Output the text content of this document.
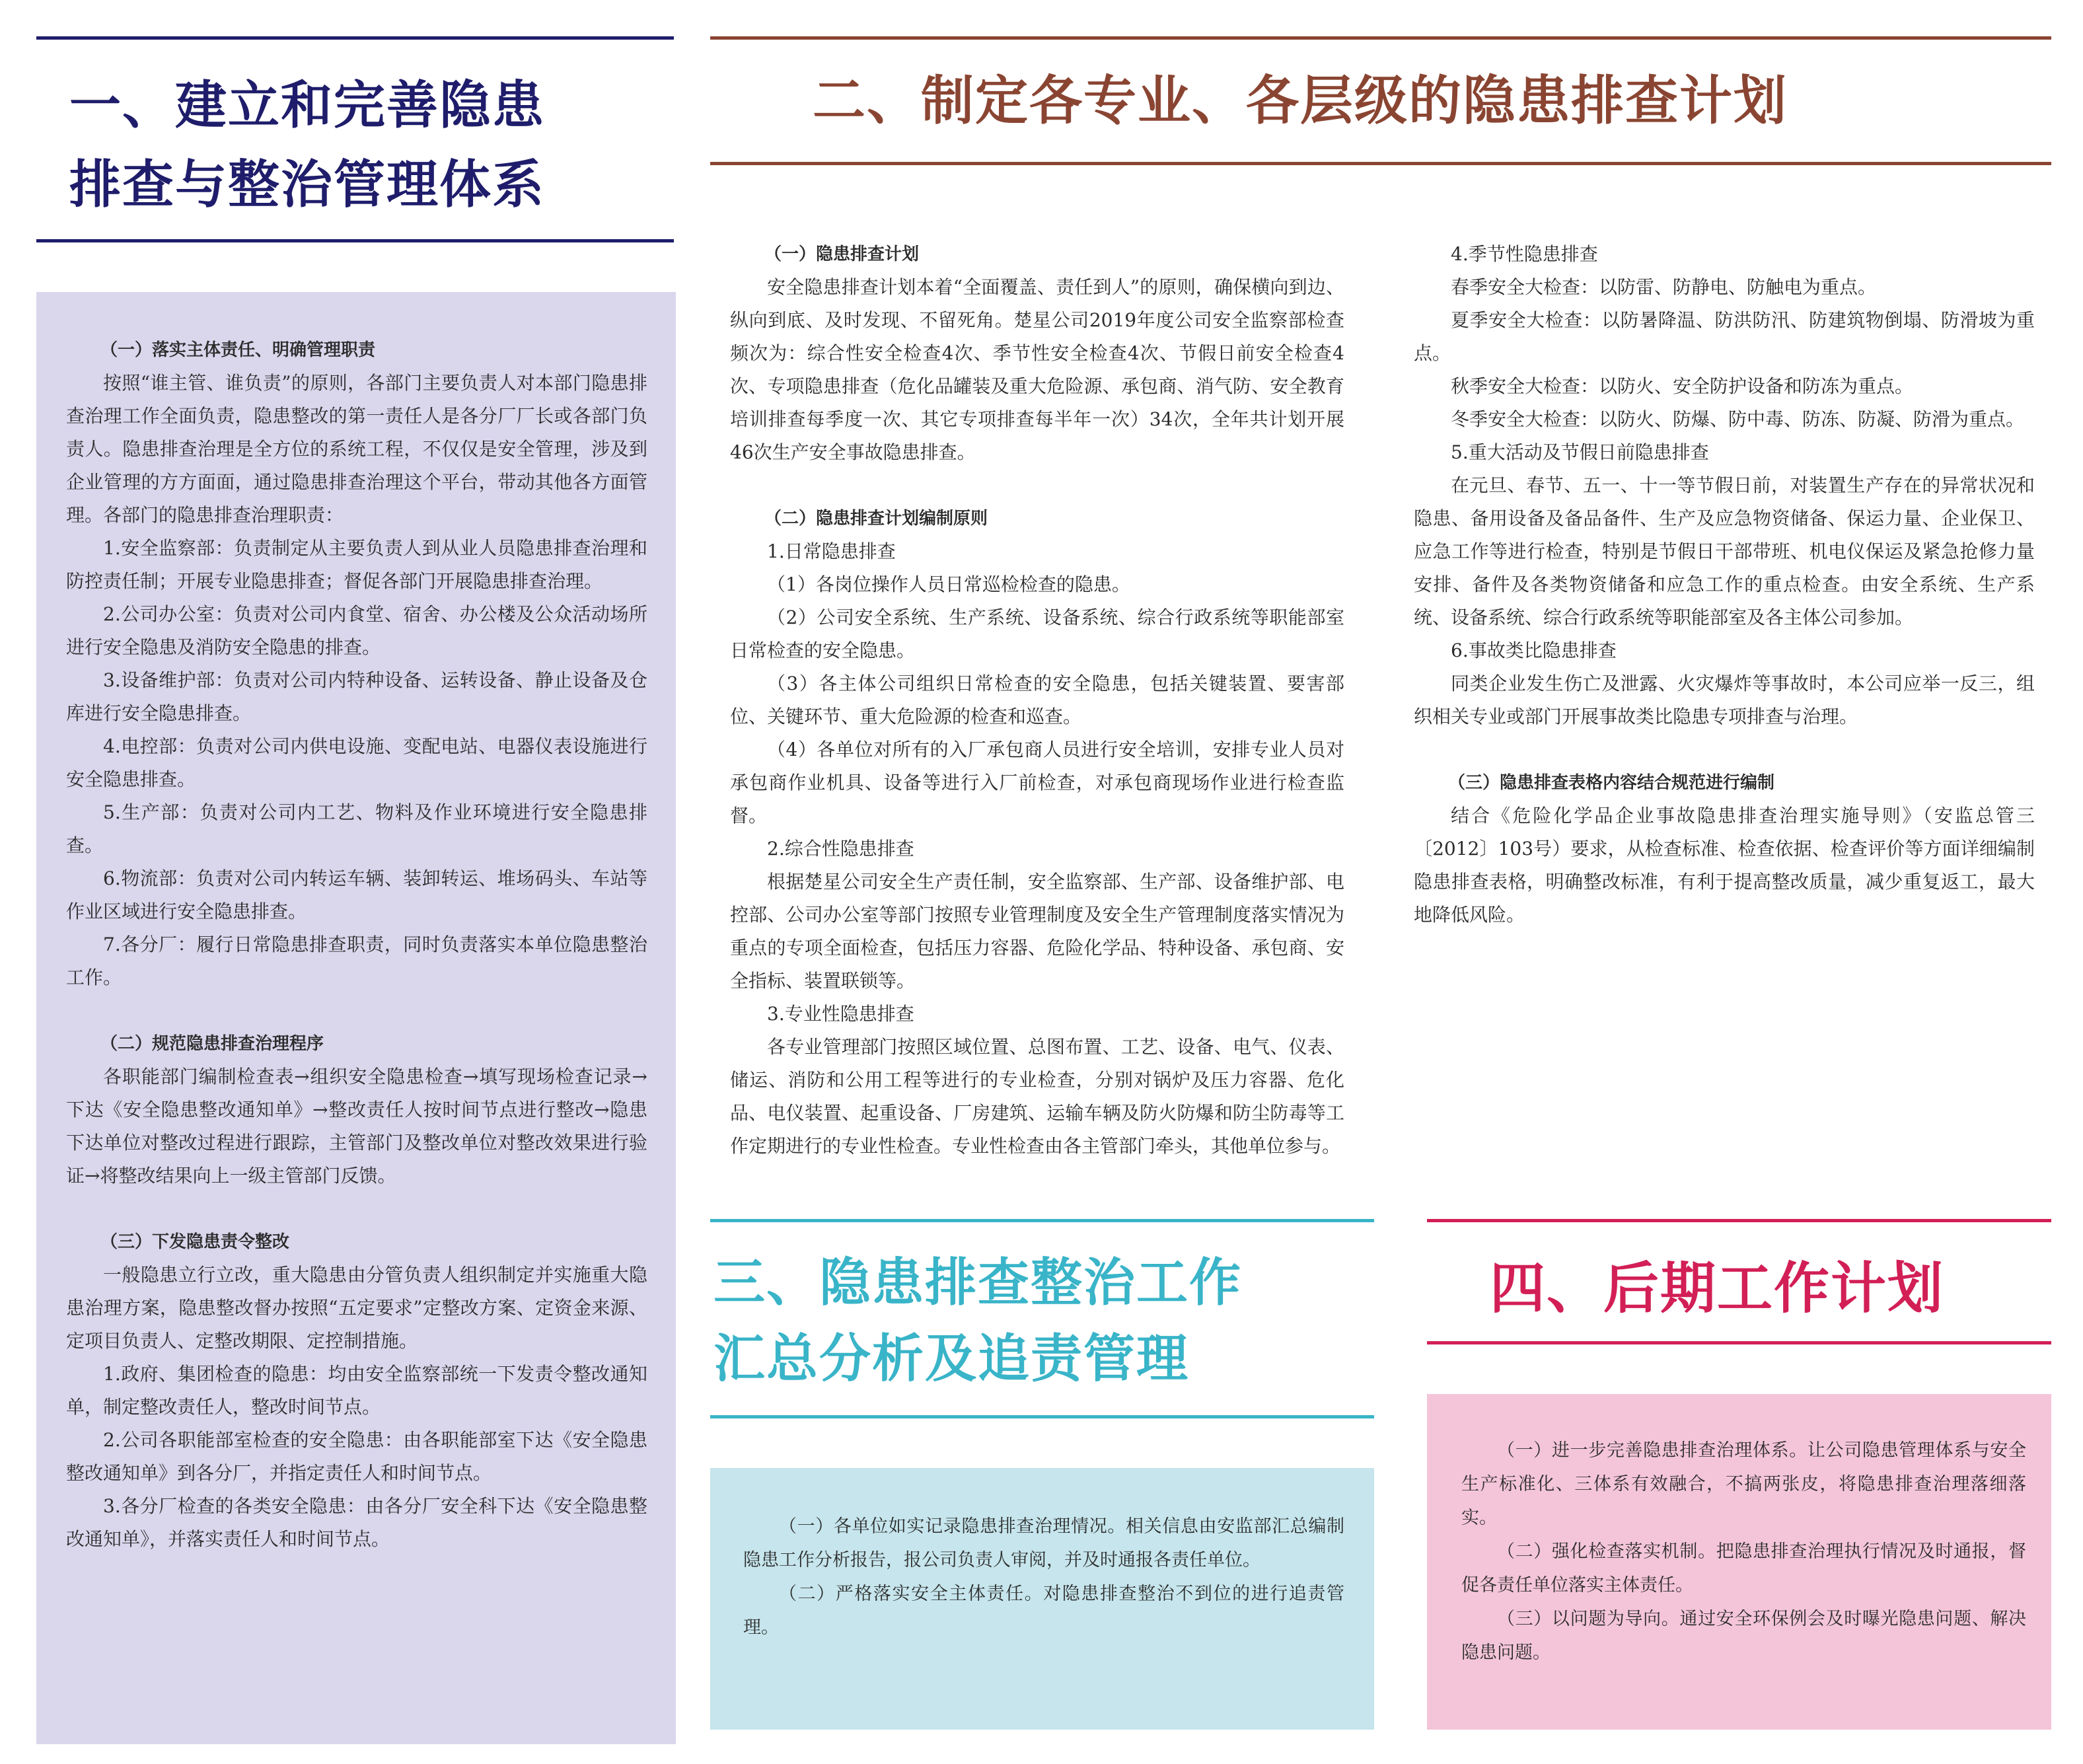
一、建立和完善隐患
排查与整治管理体系

（一）落实主体责任、明确管理职责

按照“谁主管、谁负责”的原则，各部门主要负责人对本部门隐患排查治理工作全面负责，隐患整改的第一责任人是各分厂厂长或各部门负责人。隐患排查治理是全方位的系统工程，不仅仅是安全管理，涉及到企业管理的方方面面，通过隐患排查治理这个平台，带动其他各方面管理。各部门的隐患排查治理职责：

1.安全监察部：负责制定从主要负责人到从业人员隐患排查治理和防控责任制；开展专业隐患排查；督促各部门开展隐患排查治理。

2.公司办公室：负责对公司内食堂、宿舍、办公楼及公众活动场所进行安全隐患及消防安全隐患的排查。

3.设备维护部：负责对公司内特种设备、运转设备、静止设备及仓库进行安全隐患排查。

4.电控部：负责对公司内供电设施、变配电站、电器仪表设施进行安全隐患排查。

5.生产部：负责对公司内工艺、物料及作业环境进行安全隐患排查。

6.物流部：负责对公司内转运车辆、装卸转运、堆场码头、车站等作业区域进行安全隐患排查。

7.各分厂：履行日常隐患排查职责，同时负责落实本单位隐患整治工作。

（二）规范隐患排查治理程序

各职能部门编制检查表→组织安全隐患检查→填写现场检查记录→下达《安全隐患整改通知单》→整改责任人按时间节点进行整改→隐患下达单位对整改过程进行跟踪，主管部门及整改单位对整改效果进行验证→将整改结果向上一级主管部门反馈。

（三）下发隐患责令整改

一般隐患立行立改，重大隐患由分管负责人组织制定并实施重大隐患治理方案，隐患整改督办按照“五定要求”定整改方案、定资金来源、定项目负责人、定整改期限、定控制措施。

1.政府、集团检查的隐患：均由安全监察部统一下发责令整改通知单，制定整改责任人，整改时间节点。

2.公司各职能部室检查的安全隐患：由各职能部室下达《安全隐患整改通知单》到各分厂，并指定责任人和时间节点。

3.各分厂检查的各类安全隐患：由各分厂安全科下达《安全隐患整改通知单》，并落实责任人和时间节点。

二、制定各专业、各层级的隐患排查计划

（一）隐患排查计划

安全隐患排查计划本着“全面覆盖、责任到人”的原则，确保横向到边、纵向到底、及时发现、不留死角。楚星公司2019年度公司安全监察部检查频次为：综合性安全检查4次、季节性安全检查4次、节假日前安全检查4次、专项隐患排查（危化品罐装及重大危险源、承包商、消气防、安全教育培训排查每季度一次、其它专项排查每半年一次）34次，全年共计划开展46次生产安全事故隐患排查。

（二）隐患排查计划编制原则

1.日常隐患排查

（1）各岗位操作人员日常巡检检查的隐患。

（2）公司安全系统、生产系统、设备系统、综合行政系统等职能部室日常检查的安全隐患。

（3）各主体公司组织日常检查的安全隐患，包括关键装置、要害部位、关键环节、重大危险源的检查和巡查。

（4）各单位对所有的入厂承包商人员进行安全培训，安排专业人员对承包商作业机具、设备等进行入厂前检查，对承包商现场作业进行检查监督。

2.综合性隐患排查

根据楚星公司安全生产责任制，安全监察部、生产部、设备维护部、电控部、公司办公室等部门按照专业管理制度及安全生产管理制度落实情况为重点的专项全面检查，包括压力容器、危险化学品、特种设备、承包商、安全指标、装置联锁等。

3.专业性隐患排查

各专业管理部门按照区域位置、总图布置、工艺、设备、电气、仪表、储运、消防和公用工程等进行的专业检查，分别对锅炉及压力容器、危化品、电仪装置、起重设备、厂房建筑、运输车辆及防火防爆和防尘防毒等工作定期进行的专业性检查。专业性检查由各主管部门牵头，其他单位参与。

4.季节性隐患排查

春季安全大检查：以防雷、防静电、防触电为重点。

夏季安全大检查：以防暑降温、防洪防汛、防建筑物倒塌、防滑坡为重点。

秋季安全大检查：以防火、安全防护设备和防冻为重点。

冬季安全大检查：以防火、防爆、防中毒、防冻、防凝、防滑为重点。

5.重大活动及节假日前隐患排查

在元旦、春节、五一、十一等节假日前，对装置生产存在的异常状况和隐患、备用设备及备品备件、生产及应急物资储备、保运力量、企业保卫、应急工作等进行检查，特别是节假日干部带班、机电仪保运及紧急抢修力量安排、备件及各类物资储备和应急工作的重点检查。由安全系统、生产系统、设备系统、综合行政系统等职能部室及各主体公司参加。

6.事故类比隐患排查

同类企业发生伤亡及泄露、火灾爆炸等事故时，本公司应举一反三，组织相关专业或部门开展事故类比隐患专项排查与治理。

（三）隐患排查表格内容结合规范进行编制

结合《危险化学品企业事故隐患排查治理实施导则》（安监总管三〔2012〕103号）要求，从检查标准、检查依据、检查评价等方面详细编制隐患排查表格，明确整改标准，有利于提高整改质量，减少重复返工，最大地降低风险。

三、隐患排查整治工作
汇总分析及追责管理

（一）各单位如实记录隐患排查治理情况。相关信息由安监部汇总编制隐患工作分析报告，报公司负责人审阅，并及时通报各责任单位。

（二）严格落实安全主体责任。对隐患排查整治不到位的进行追责管理。

四、后期工作计划

（一）进一步完善隐患排查治理体系。让公司隐患管理体系与安全生产标准化、三体系有效融合，不搞两张皮，将隐患排查治理落细落实。

（二）强化检查落实机制。把隐患排查治理执行情况及时通报，督促各责任单位落实主体责任。

（三）以问题为导向。通过安全环保例会及时曝光隐患问题、解决隐患问题。
